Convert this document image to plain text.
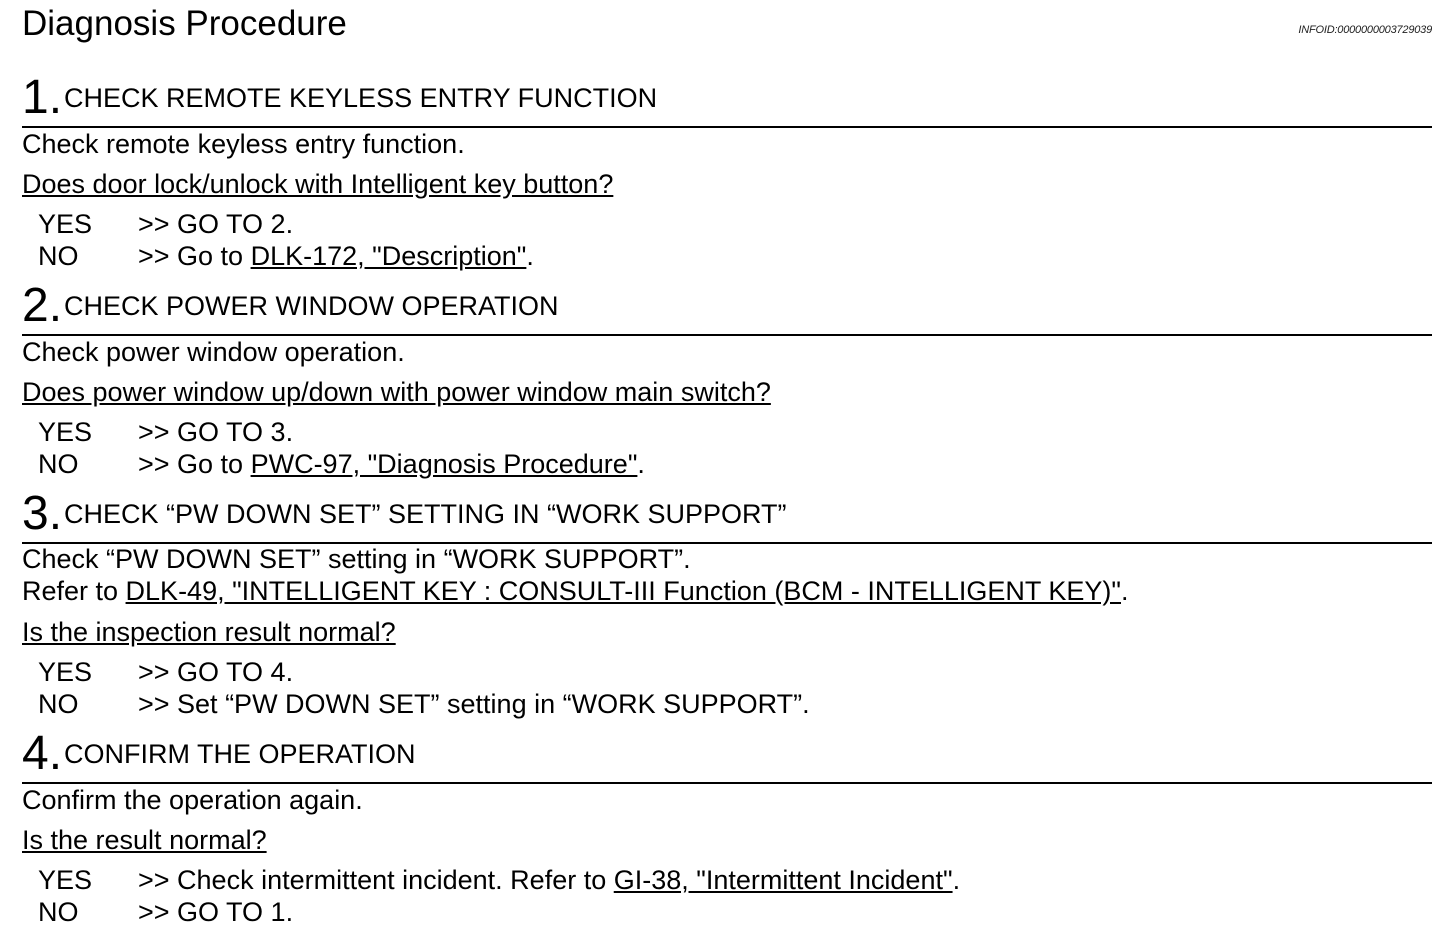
Diagnosis Procedure	INFOID:0000000003729039
1. CHECK REMOTE KEYLESS ENTRY FUNCTION
Check remote keyless entry function.
Does door lock/unlock with Intelligent key button?
YES >> GO TO 2.
NO >> Go to DLK-172, "Description".
2. CHECK POWER WINDOW OPERATION
Check power window operation.
Does power window up/down with power window main switch?
YES >> GO TO 3.
NO >> Go to PWC-97, "Diagnosis Procedure".
3. CHECK “PW DOWN SET” SETTING IN “WORK SUPPORT”
Check “PW DOWN SET” setting in “WORK SUPPORT”.
Refer to DLK-49, "INTELLIGENT KEY : CONSULT-III Function (BCM - INTELLIGENT KEY)".
Is the inspection result normal?
YES >> GO TO 4.
NO >> Set “PW DOWN SET” setting in “WORK SUPPORT”.
4. CONFIRM THE OPERATION
Confirm the operation again.
Is the result normal?
YES >> Check intermittent incident. Refer to GI-38, "Intermittent Incident".
NO >> GO TO 1.
